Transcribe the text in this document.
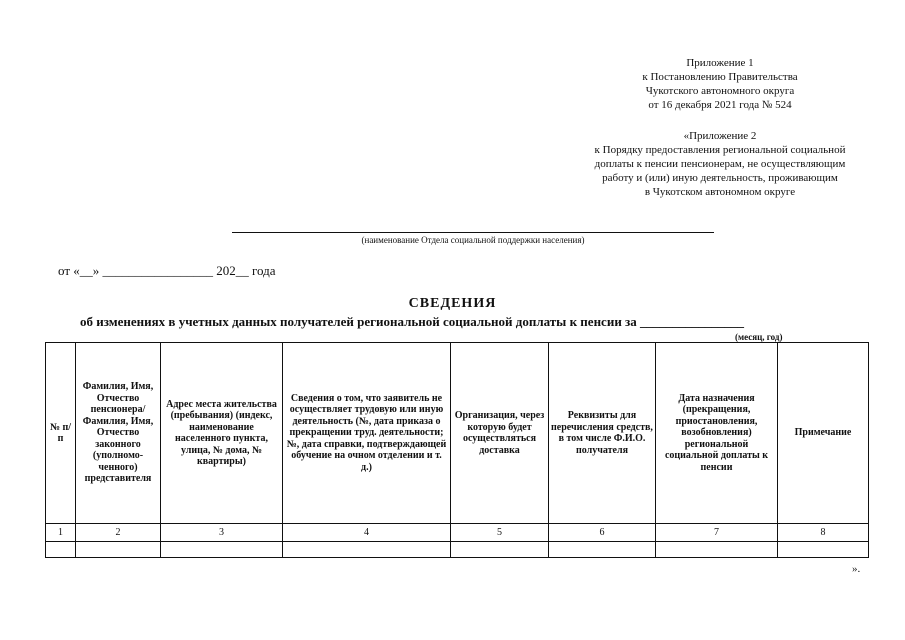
Приложение 1
к Постановлению Правительства
Чукотского автономного округа
от 16 декабря 2021 года № 524
«Приложение 2
к Порядку предоставления региональной социальной
доплаты к пенсии пенсионерам, не осуществляющим
работу и (или) иную деятельность, проживающим
в Чукотском автономном округе
(наименование Отдела социальной поддержки населения)
от «__» _________________ 202__ года
СВЕДЕНИЯ
об изменениях в учетных данных получателей региональной социальной доплаты к пенсии за ________________
(месяц, год)
№ п/п	Фамилия, Имя, Отчество пенсионера/ Фамилия, Имя, Отчество законного (уполномо-ченного) представителя	Адрес места жительства (пребывания) (индекс, наименование населенного пункта, улица, № дома, № квартиры)	Сведения о том, что заявитель не осуществляет трудовую или иную деятельность (№, дата приказа о прекращении труд. деятельности; №, дата справки, подтверждающей обучение на очном отделении и т. д.)	Организация, через которую будет осуществляться доставка	Реквизиты для перечисления средств, в том числе Ф.И.О. получателя	Дата назначения (прекращения, приостановления, возобновления) региональной социальной доплаты к пенсии	Примечание
1	2	3	4	5	6	7	8

».
